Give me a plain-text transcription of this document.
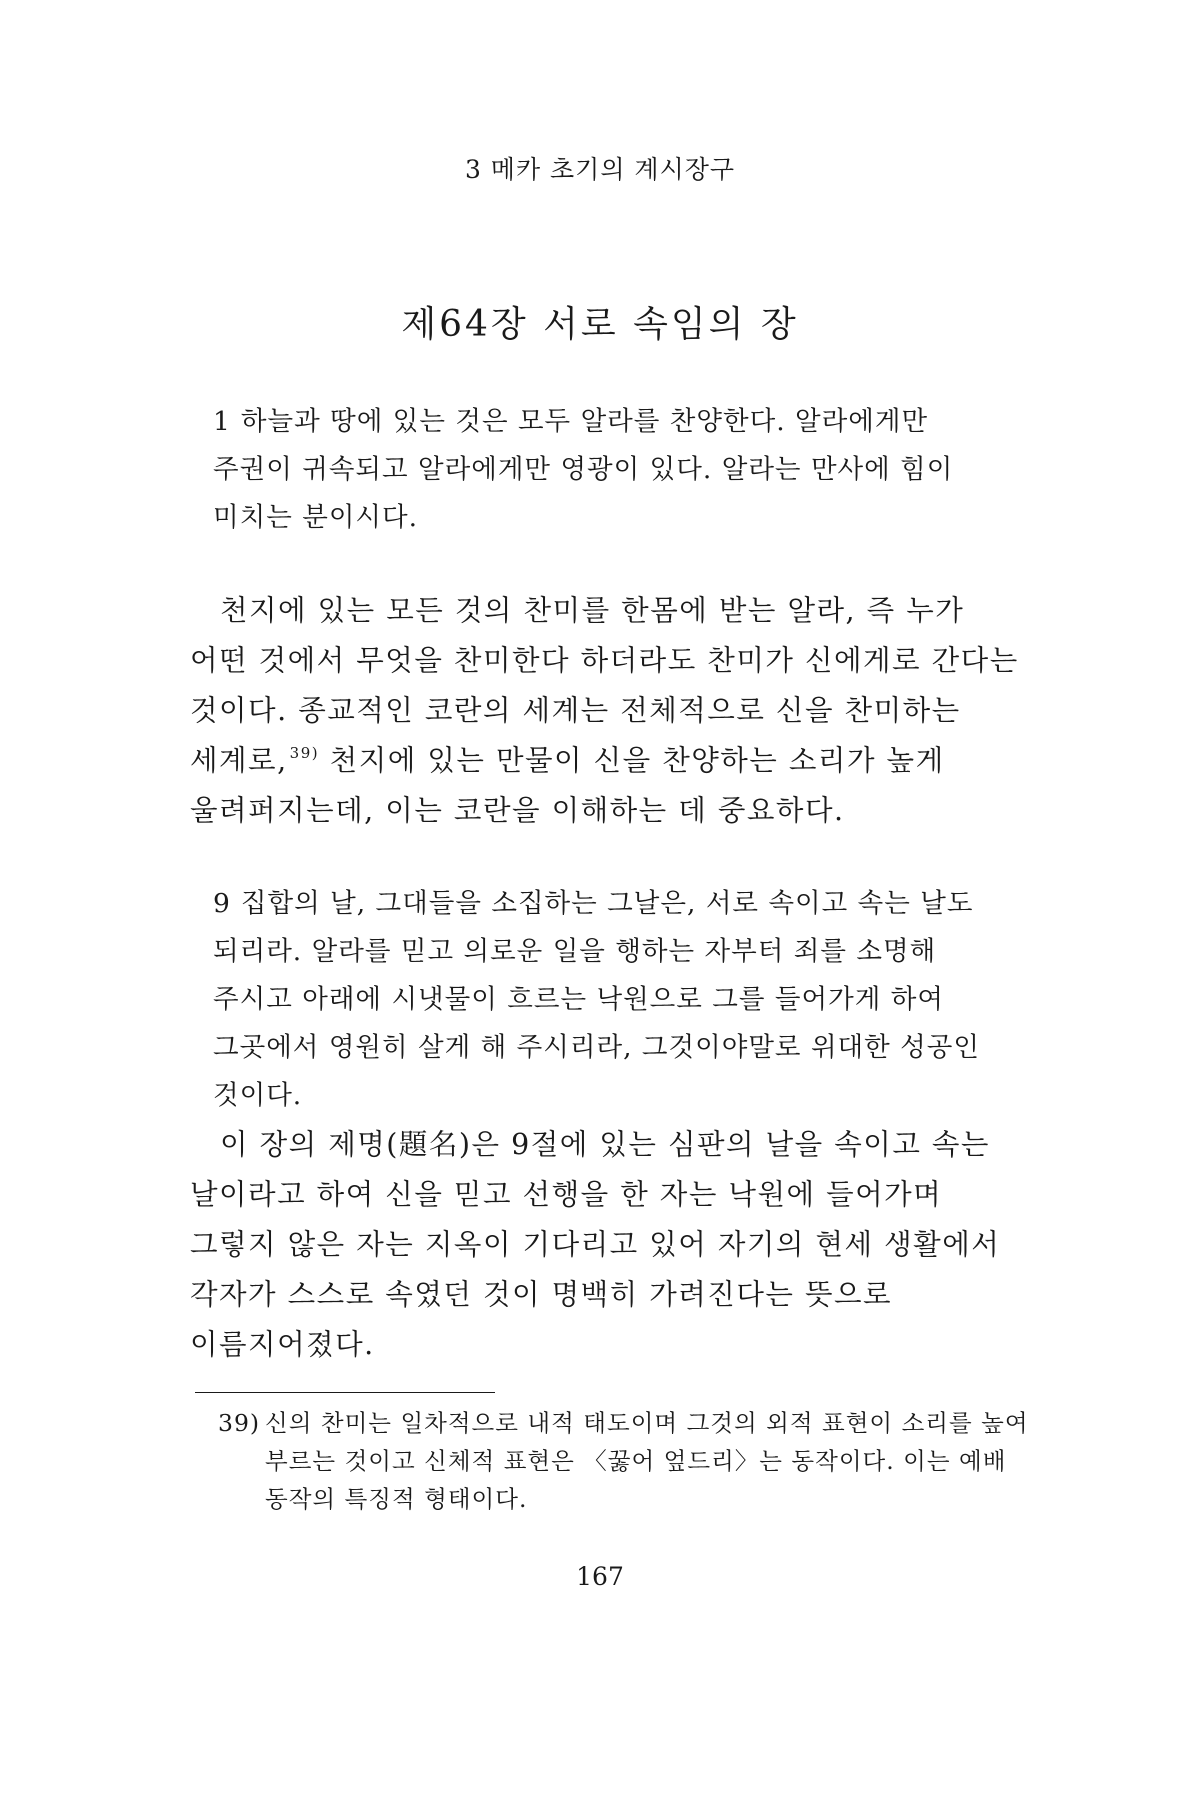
3 메카 초기의 계시장구
제64장 서로 속임의 장
1 하늘과 땅에 있는 것은 모두 알라를 찬양한다. 알라에게만 주권이 귀속되고 알라에게만 영광이 있다. 알라는 만사에 힘이 미치는 분이시다.
천지에 있는 모든 것의 찬미를 한몸에 받는 알라, 즉 누가 어떤 것에서 무엇을 찬미한다 하더라도 찬미가 신에게로 간다는 것이다. 종교적인 코란의 세계는 전체적으로 신을 찬미하는 세계로, $^{39)}$ 천지에 있는 만물이 신을 찬양하는 소리가 높게 울려퍼지는데, 이는 코란을 이해하는 데 중요하다.
9 집합의 날, 그대들을 소집하는 그날은, 서로 속이고 속는 날도 되리라. 알라를 믿고 의로운 일을 행하는 자부터 죄를 소명해 주시고 아래에 시냇물이 흐르는 낙원으로 그를 들어가게 하여 그곳에서 영원히 살게 해 주시리라, 그것이야말로 위대한 성공인 것이다.
이 장의 제명(題名)은 9절에 있는 심판의 날을 속이고 속는 날이라고 하여 신을 믿고 선행을 한 자는 낙원에 들어가며 그렇지 않은 자는 지옥이 기다리고 있어 자기의 현세 생활에서 각자가 스스로 속였던 것이 명백히 가려진다는 뜻으로 이름지어졌다.
39) 신의 찬미는 일차적으로 내적 태도이며 그것의 외적 표현이 소리를 높여 부르는 것이고 신체적 표현은 〈꿇어 엎드리〉는 동작이다. 이는 예배 동작의 특징적 형태이다.
167
